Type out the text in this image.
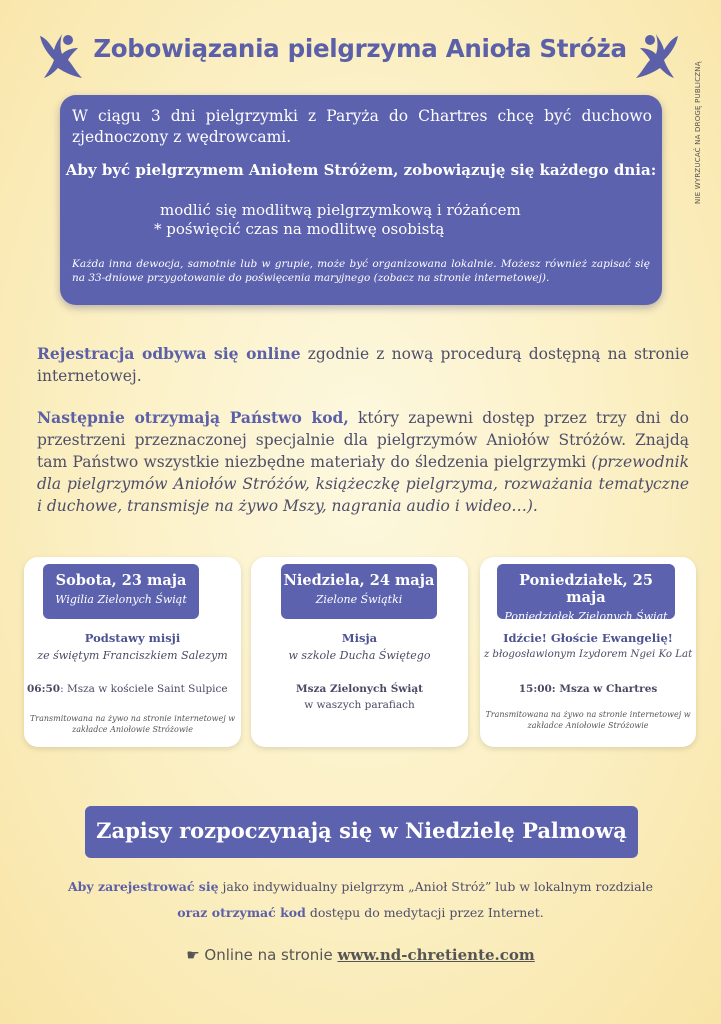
Zobowiązania pielgrzyma Anioła Stróża
NIE WYRZUCAĆ NA DROGĘ PUBLICZNĄ
W ciągu 3 dni pielgrzymki z Paryża do Chartres chcę być duchowo zjednoczony z wędrowcami.
Aby być pielgrzymem Aniołem Stróżem, zobowiązuję się każdego dnia:
modlić się modlitwą pielgrzymkową i różańcem
* poświęcić czas na modlitwę osobistą
Każda inna dewocja, samotnie lub w grupie, może być organizowana lokalnie. Możesz również zapisać się na 33-dniowe przygotowanie do poświęcenia maryjnego (zobacz na stronie internetowej).
Rejestracja odbywa się online zgodnie z nową procedurą dostępną na stronie internetowej.
Następnie otrzymają Państwo kod, który zapewni dostęp przez trzy dni do przestrzeni przeznaczonej specjalnie dla pielgrzymów Aniołów Stróżów. Znajdą tam Państwo wszystkie niezbędne materiały do śledzenia pielgrzymki (przewodnik dla pielgrzymów Aniołów Stróżów, książeczkę pielgrzyma, rozważania tematyczne i duchowe, transmisje na żywo Mszy, nagrania audio i wideo…).
Sobota, 23 maja
Wigilia Zielonych Świąt
Podstawy misji
ze świętym Franciszkiem Salezym
06:50: Msza w kościele Saint Sulpice
Transmitowana na żywo na stronie internetowej w zakładce Aniołowie Stróżowie
Niedziela, 24 maja
Zielone Świątki
Misja
w szkole Ducha Świętego
Msza Zielonych Świąt
w waszych parafiach
Poniedziałek, 25 maja
Poniedziałek Zielonych Świąt
Idźcie! Głoście Ewangelię!
z błogosławionym Izydorem Ngei Ko Lat
15:00: Msza w Chartres
Transmitowana na żywo na stronie internetowej w zakładce Aniołowie Stróżowie
Zapisy rozpoczynają się w Niedzielę Palmową
Aby zarejestrować się jako indywidualny pielgrzym „Anioł Stróż” lub w lokalnym rozdziale
oraz otrzymać kod dostępu do medytacji przez Internet.
☛ Online na stronie www.nd-chretiente.com
